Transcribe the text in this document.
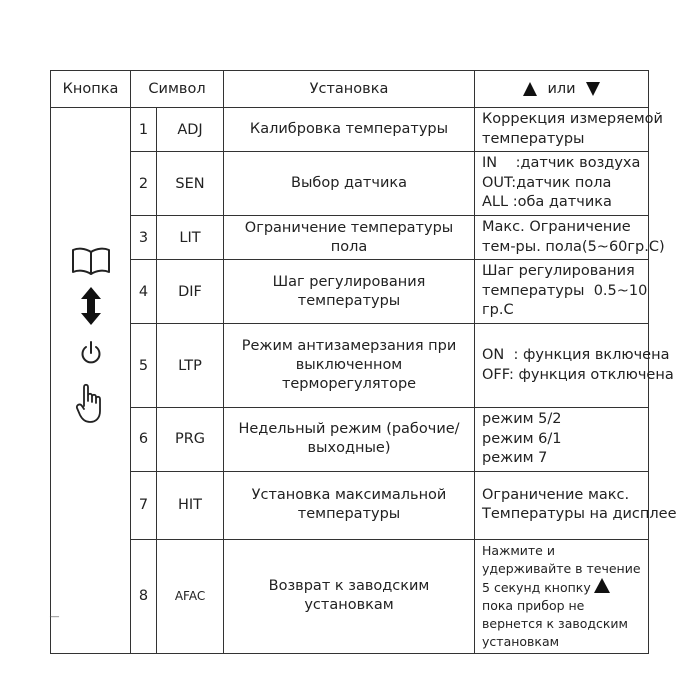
Кнопка	Символ		Установка	или

	1	ADJ	Калибровка температуры	Коррекция измеряемой
температуры
	2	SEN	Выбор датчика	IN    :датчик воздуха
OUT:датчик пола
ALL :оба датчика
	3	LIT	Ограничение температуры пола	Макс. Ограничение
тем-ры. пола(5~60гр.С)
	4	DIF	Шаг регулирования температуры	Шаг регулирования
температуры  0.5~10
гр.С
	5	LTP	Режим антизамерзания при выключенном терморегуляторе	ON  : функция включена
OFF: функция отключена
	6	PRG	Недельный режим (рабочие/выходные)	режим 5/2
режим 6/1
режим 7
	7	HIT	Установка максимальной температуры	Ограничение макс.
Температуры на дисплее
	8	AFAC	Возврат к заводским установкам	Нажмите и удерживайте в течение 5 секунд кнопку пока прибор не вернется к заводским установкам
‾‾
